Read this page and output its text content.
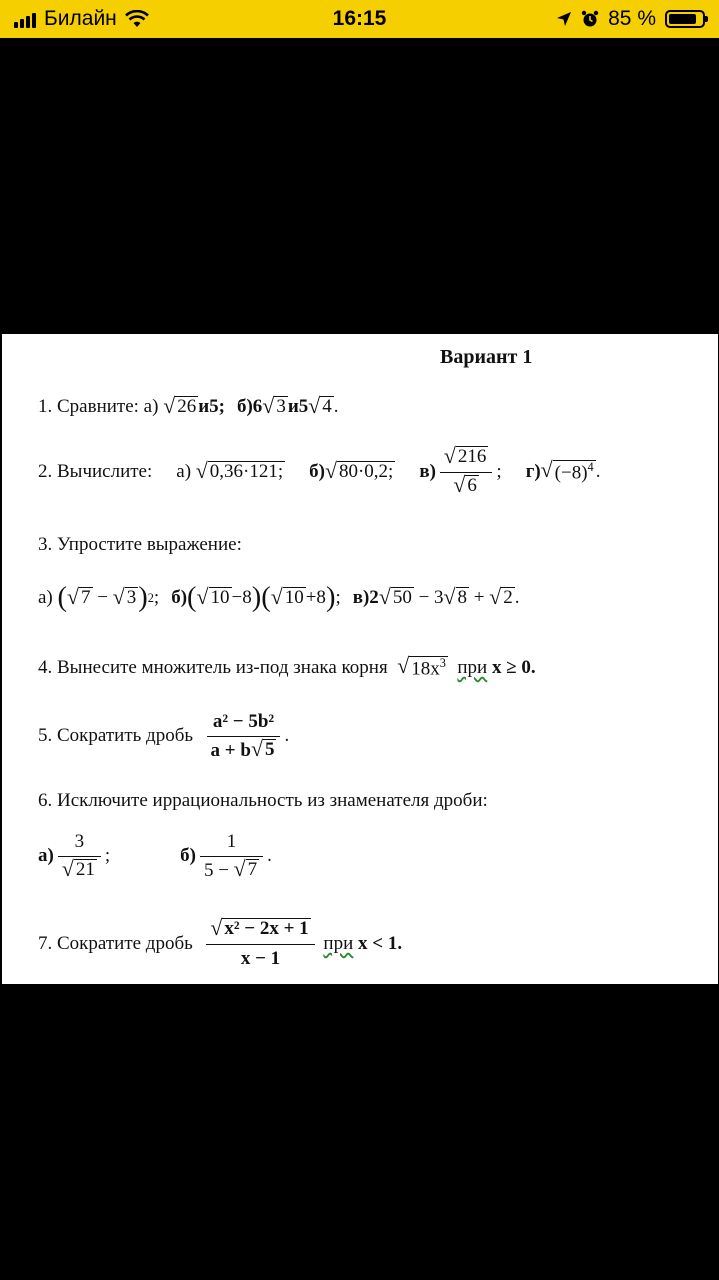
Билайн	16:15	85 %
Вариант 1
1. Сравните: а)
√ 26 и5; б)6 √ 3 и5 √ 4 .
2. Вычислите: а)
√ 0,36·121; б) √ 80·0,2; $в) \frac{√ 216}{√ 6}$ ; г) √ $(-8)^4$ .
3. Упростите выражение:
а)
( √ 7
−
√ 3 ) 2 ; б) ( √ 10 −8 )( √ 10 +8 ) ; в)2 √ 50
− 3 √ 8
+
√ 2 .
4. Вынесите множитель из-под знака корня
√ $18x^3$
при
x ≥ 0.
5. Сократить дробь
$\frac{\text{a² − 5b²}}{a + b √ 5}$ .
6. Исключите иррациональность из знаменателя дроби:
$а) \frac{3}{√ 21}$ ;	$б) \frac{1}{5 - √ 7}$ .
7. Сократите дробь
$\frac{\text{√ x² − 2x + 1}}{x - 1}$
при
x < 1.
